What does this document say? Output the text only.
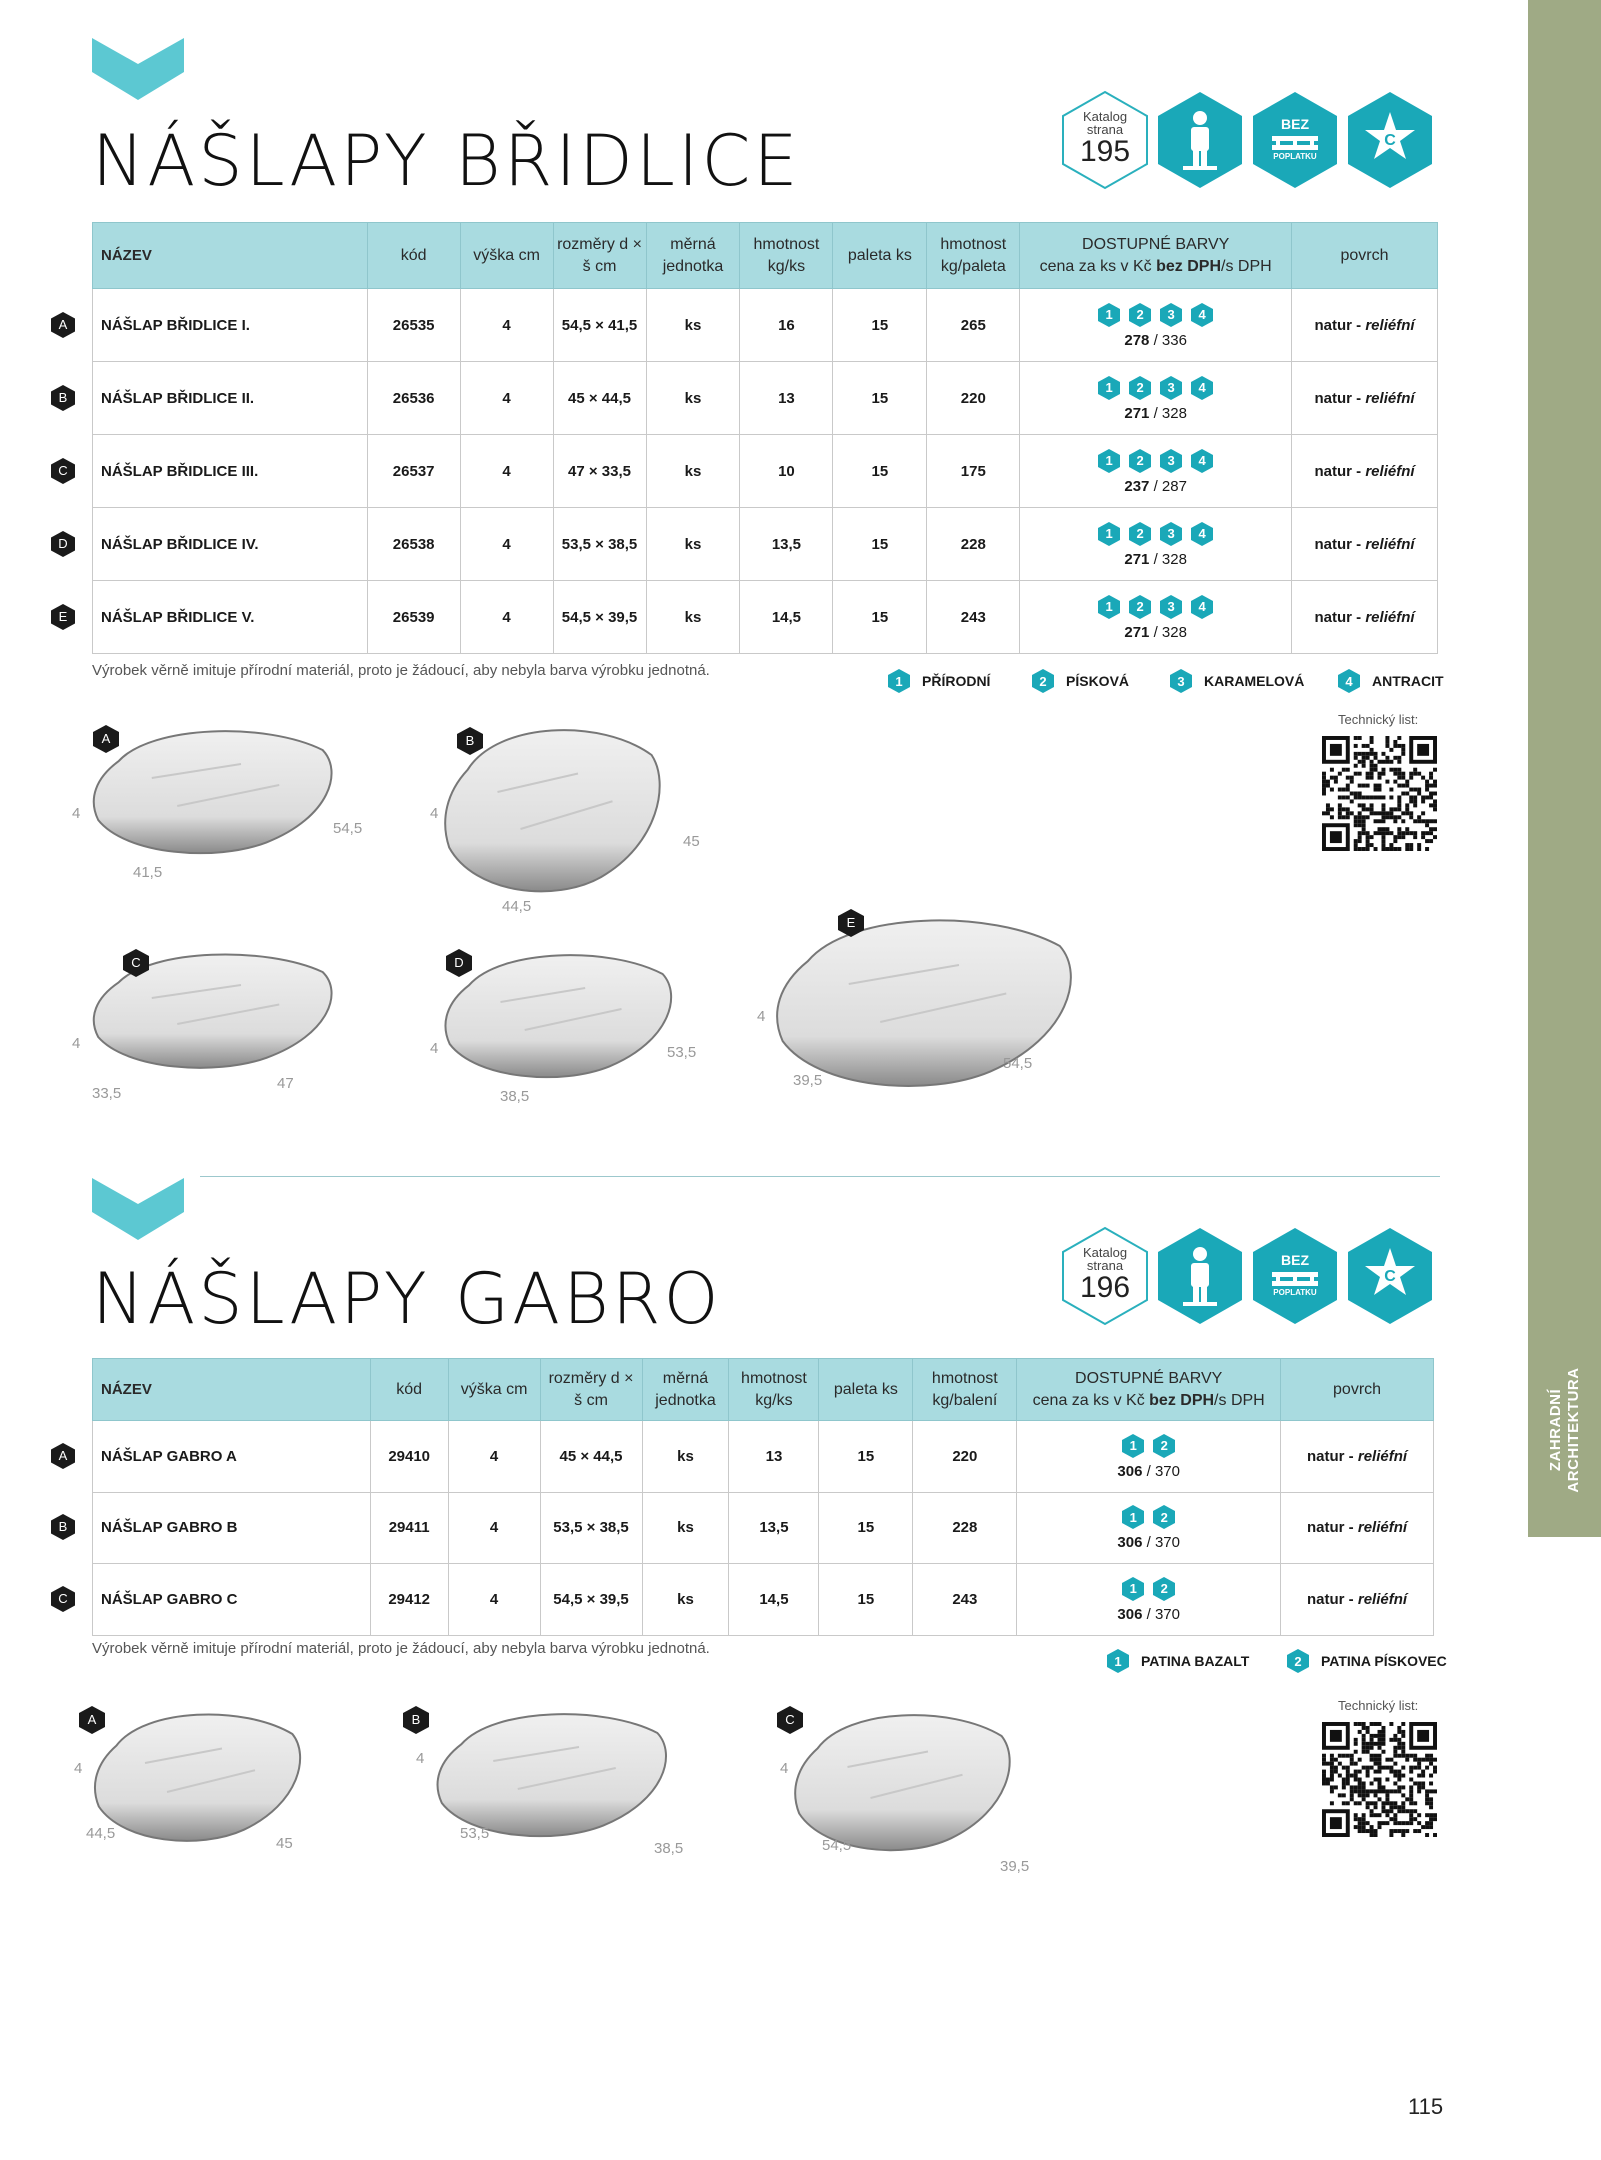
ZAHRADNÍ
ARCHITEKTURA
NÁŠLAPY BŘIDLICE
Katalog
strana
195
BEZ
POPLATKU
C
NÁZEV	kód	výška cm	rozměry d × š cm	měrná jednotka	hmotnost kg/ks	paleta ks	hmotnost kg/paleta	DOSTUPNÉ BARVY
cena za ks v Kč bez DPH/s DPH	povrch
NÁŠLAP BŘIDLICE I.	26535	4	54,5 × 41,5	ks	16	15	265	1 2 3 4
278 / 336	natur - reliéfní
NÁŠLAP BŘIDLICE II.	26536	4	45 × 44,5	ks	13	15	220	1 2 3 4
271 / 328	natur - reliéfní
NÁŠLAP BŘIDLICE III.	26537	4	47 × 33,5	ks	10	15	175	1 2 3 4
237 / 287	natur - reliéfní
NÁŠLAP BŘIDLICE IV.	26538	4	53,5 × 38,5	ks	13,5	15	228	1 2 3 4
271 / 328	natur - reliéfní
NÁŠLAP BŘIDLICE V.	26539	4	54,5 × 39,5	ks	14,5	15	243	1 2 3 4
271 / 328	natur - reliéfní
A
B
C
D
E
Výrobek věrně imituje přírodní materiál, proto je žádoucí, aby nebyla barva výrobku jednotná.
1 PŘÍRODNÍ	2 PÍSKOVÁ	3 KARAMELOVÁ	4 ANTRACIT
Technický list:
A
4
54,5
41,5
B
4
45
44,5
C
4
47
33,5
D
4	53,5
38,5
E
4
54,5
39,5
NÁŠLAPY GABRO
Katalog
strana
196
BEZ
POPLATKU
C
NÁZEV	kód	výška cm	rozměry d × š cm	měrná jednotka	hmotnost kg/ks	paleta ks	hmotnost kg/balení	DOSTUPNÉ BARVY
cena za ks v Kč bez DPH/s DPH	povrch
NÁŠLAP GABRO A	29410	4	45 × 44,5	ks	13	15	220	1 2
306 / 370	natur - reliéfní
NÁŠLAP GABRO B	29411	4	53,5 × 38,5	ks	13,5	15	228	1 2
306 / 370	natur - reliéfní
NÁŠLAP GABRO C	29412	4	54,5 × 39,5	ks	14,5	15	243	1 2
306 / 370	natur - reliéfní
A
B
C
Výrobek věrně imituje přírodní materiál, proto je žádoucí, aby nebyla barva výrobku jednotná.
1 PATINA BAZALT	2 PATINA PÍSKOVEC
Technický list:
A
4
45
44,5
B
4
38,5
53,5
C
4
39,5
54,5
115
